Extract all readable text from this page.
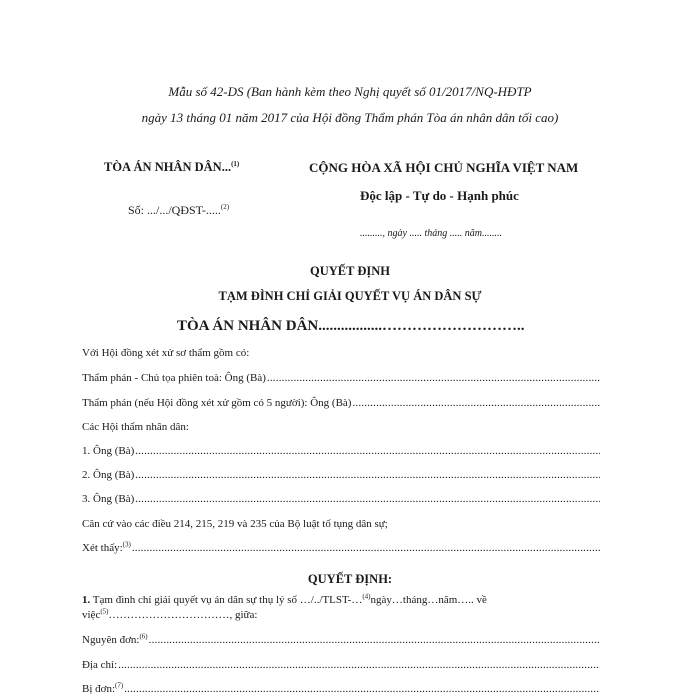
Mẫu số 42-DS (Ban hành kèm theo Nghị quyết số 01/2017/NQ-HĐTP
ngày 13 tháng 01 năm 2017 của Hội đồng Thẩm phán Tòa án nhân dân tối cao)
TÒA ÁN NHÂN DÂN...$^{(1)}$
Số: .../.../QĐST-.....$^{(2)}$
CỘNG HÒA XÃ HỘI CHỦ NGHĨA VIỆT NAM
Độc lập - Tự do - Hạnh phúc
........., ngày ..... tháng ..... năm........
QUYẾT ĐỊNH
TẠM ĐÌNH CHỈ GIẢI QUYẾT VỤ ÁN DÂN SỰ
TÒA ÁN NHÂN DÂN.................………………………..
Với Hội đồng xét xử sơ thẩm gồm có:
Thẩm phán - Chủ tọa phiên toà: Ông (Bà)
.....
Thẩm phán (nếu Hội đồng xét xử gồm có 5 người): Ông (Bà)
.....
Các Hội thẩm nhân dân:
1. Ông (Bà)
.....
2. Ông (Bà)
.....
3. Ông (Bà)
.....
Căn cứ vào các điều 214, 215, 219 và 235 của Bộ luật tố tụng dân sự;
Xét thấy:$^{(3)}$
.....
QUYẾT ĐỊNH:
1. Tạm đình chỉ giải quyết vụ án dân sự thụ lý số …/../TLST-…$^{(4)}$ngày…tháng…năm….. về
việc$^{(5)}$……………………………, giữa:
Nguyên đơn:$^{(6)}$
.....
Địa chỉ:
.....
Bị đơn:$^{(7)}$
.....
